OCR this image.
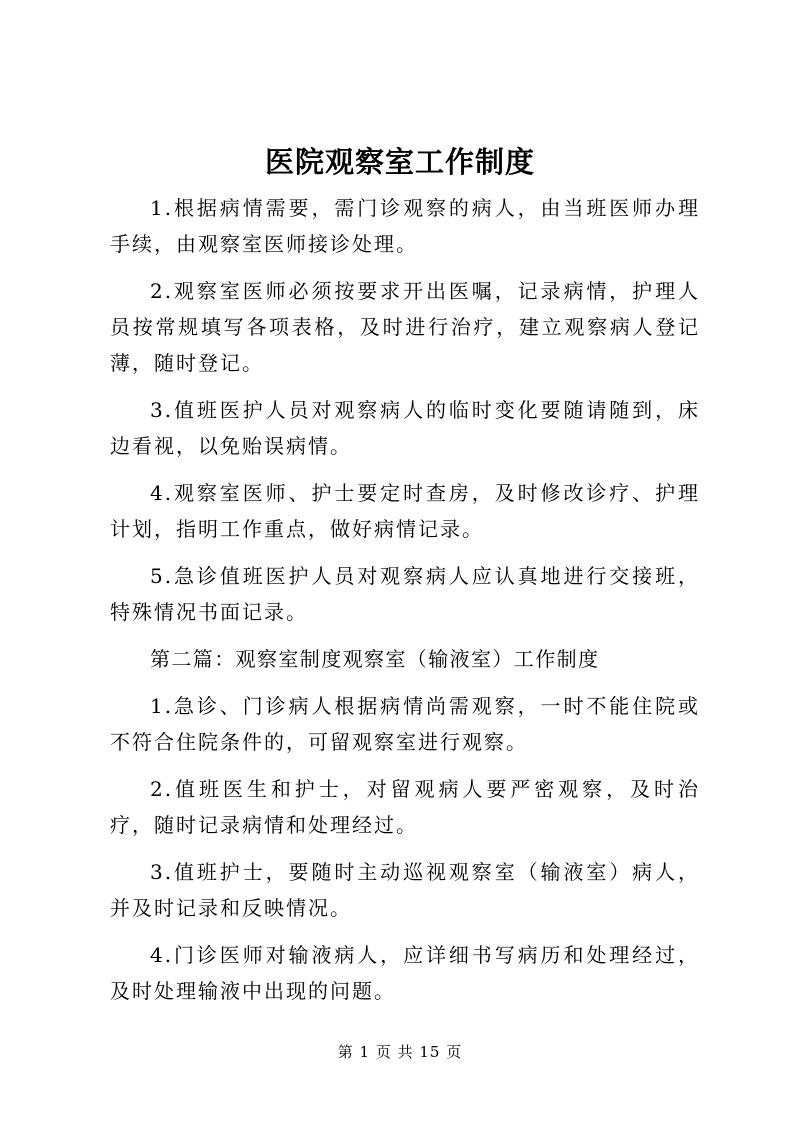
医院观察室工作制度

1.根据病情需要，需门诊观察的病人，由当班医师办理手续，由观察室医师接诊处理。

2.观察室医师必须按要求开出医嘱，记录病情，护理人员按常规填写各项表格，及时进行治疗，建立观察病人登记薄，随时登记。

3.值班医护人员对观察病人的临时变化要随请随到，床边看视，以免贻误病情。

4.观察室医师、护士要定时查房，及时修改诊疗、护理计划，指明工作重点，做好病情记录。

5.急诊值班医护人员对观察病人应认真地进行交接班，特殊情况书面记录。

第二篇：观察室制度观察室（输液室）工作制度

1.急诊、门诊病人根据病情尚需观察，一时不能住院或不符合住院条件的，可留观察室进行观察。

2.值班医生和护士，对留观病人要严密观察，及时治疗，随时记录病情和处理经过。

3.值班护士，要随时主动巡视观察室（输液室）病人，并及时记录和反映情况。

4.门诊医师对输液病人，应详细书写病历和处理经过，及时处理输液中出现的问题。

第 1 页 共 15 页
